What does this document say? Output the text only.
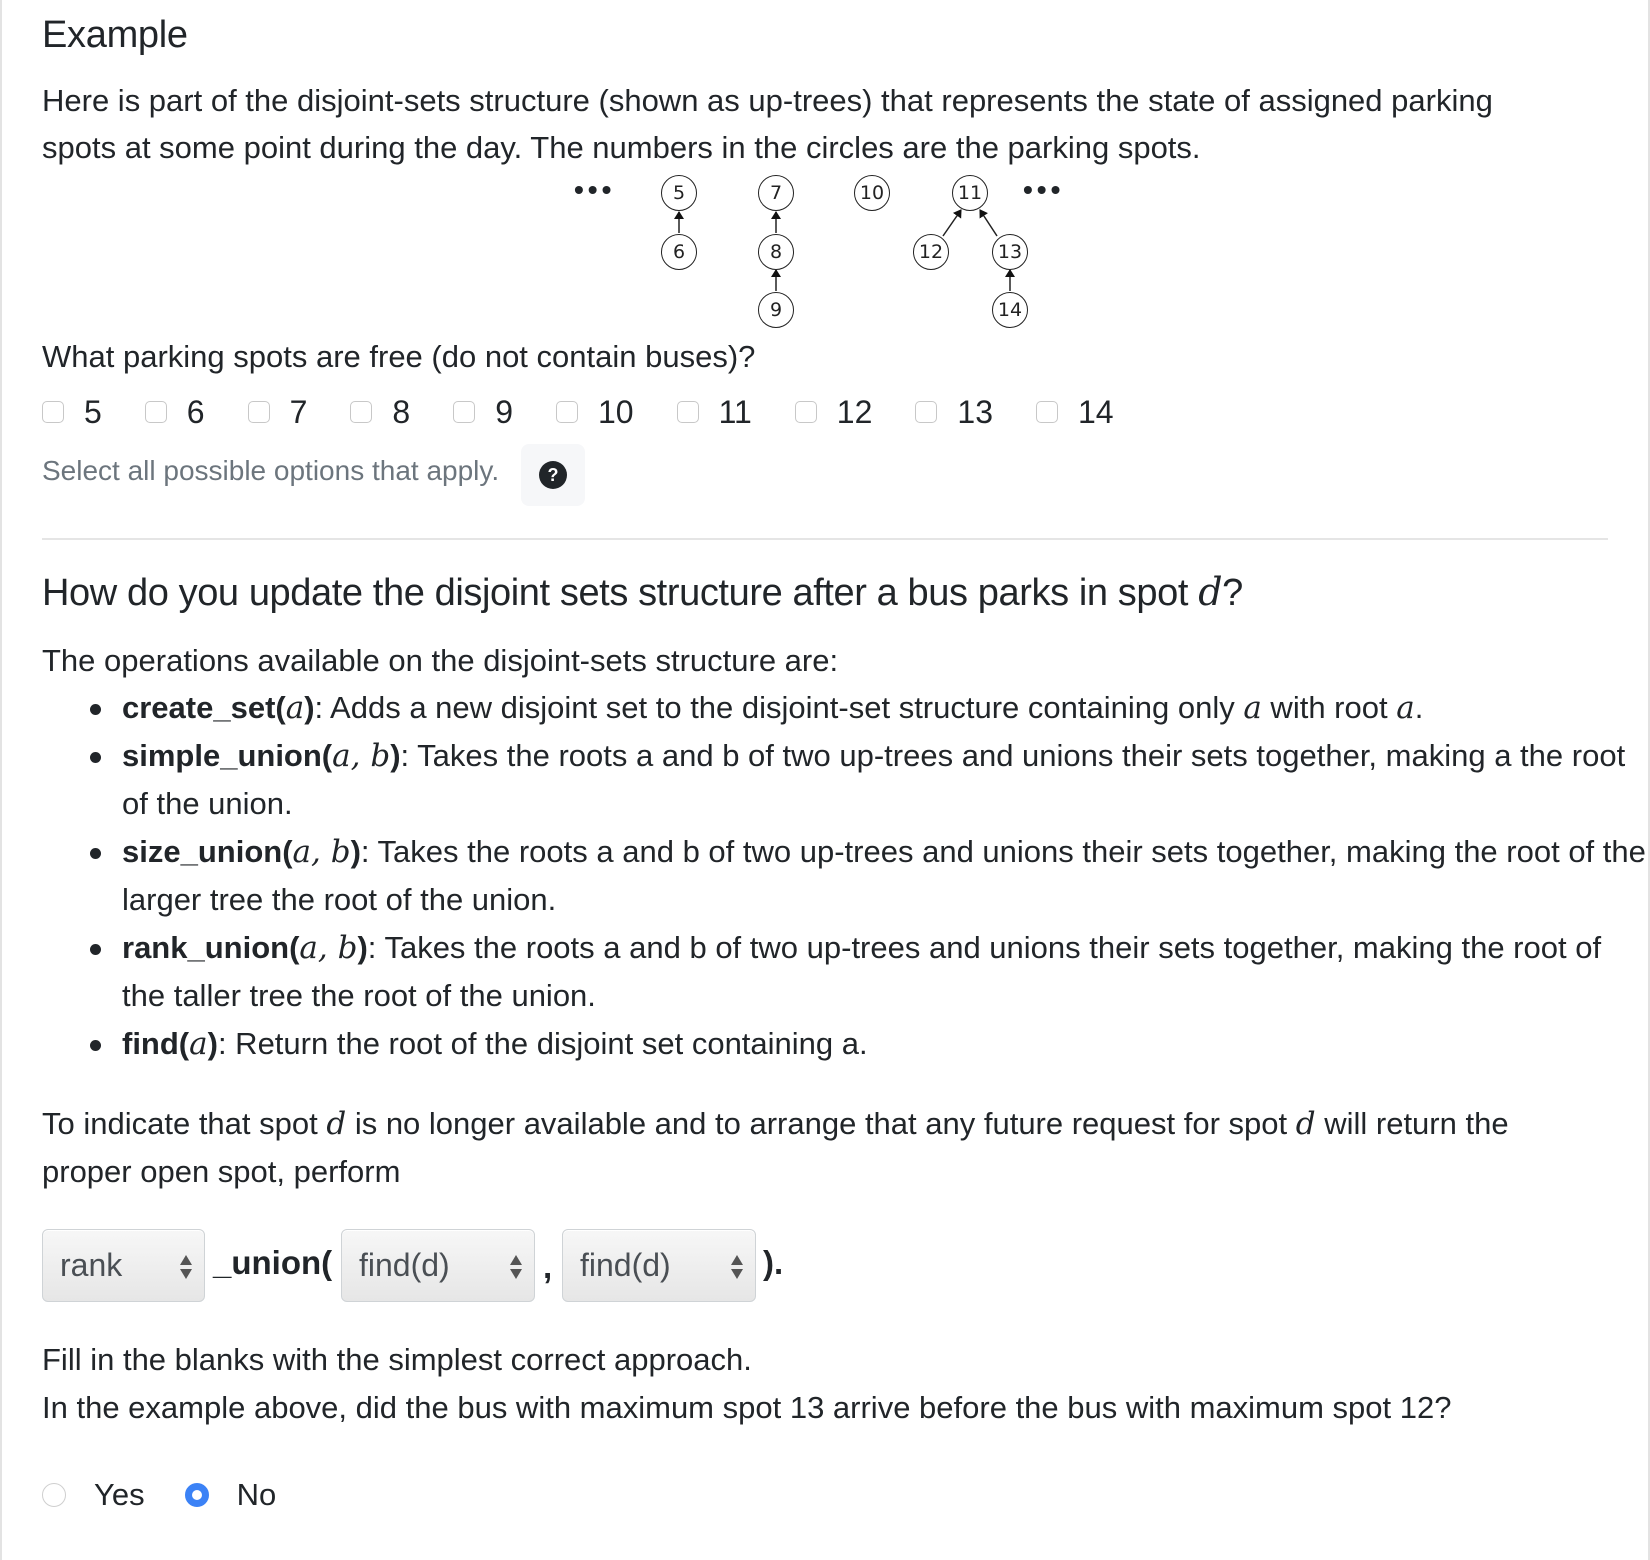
Example
Here is part of the disjoint-sets structure (shown as up-trees) that represents the state of assigned parking
spots at some point during the day. The numbers in the circles are the parking spots.
•••	•••
5
6
7
8
9
10	11
12	13
14
What parking spots are free (do not contain buses)?
5	6	7	8	9	10	11	12	13	14
Select all possible options that apply.	?
How do you update the disjoint sets structure after a bus parks in spot d?
The operations available on the disjoint-sets structure are:
create_set(a): Adds a new disjoint set to the disjoint-set structure containing only a with root a.
simple_union(a, b): Takes the roots a and b of two up-trees and unions their sets together, making a the root of the union.
size_union(a, b): Takes the roots a and b of two up-trees and unions their sets together, making the root of the larger tree the root of the union.
rank_union(a, b): Takes the roots a and b of two up-trees and unions their sets together, making the root of the taller tree the root of the union.
find(a): Return the root of the disjoint set containing a.
To indicate that spot d is no longer available and to arrange that any future request for spot d will return the
proper open spot, perform
rank	_union( find(d)	, find(d)	).
Fill in the blanks with the simplest correct approach.
In the example above, did the bus with maximum spot 13 arrive before the bus with maximum spot 12?
Yes	No
